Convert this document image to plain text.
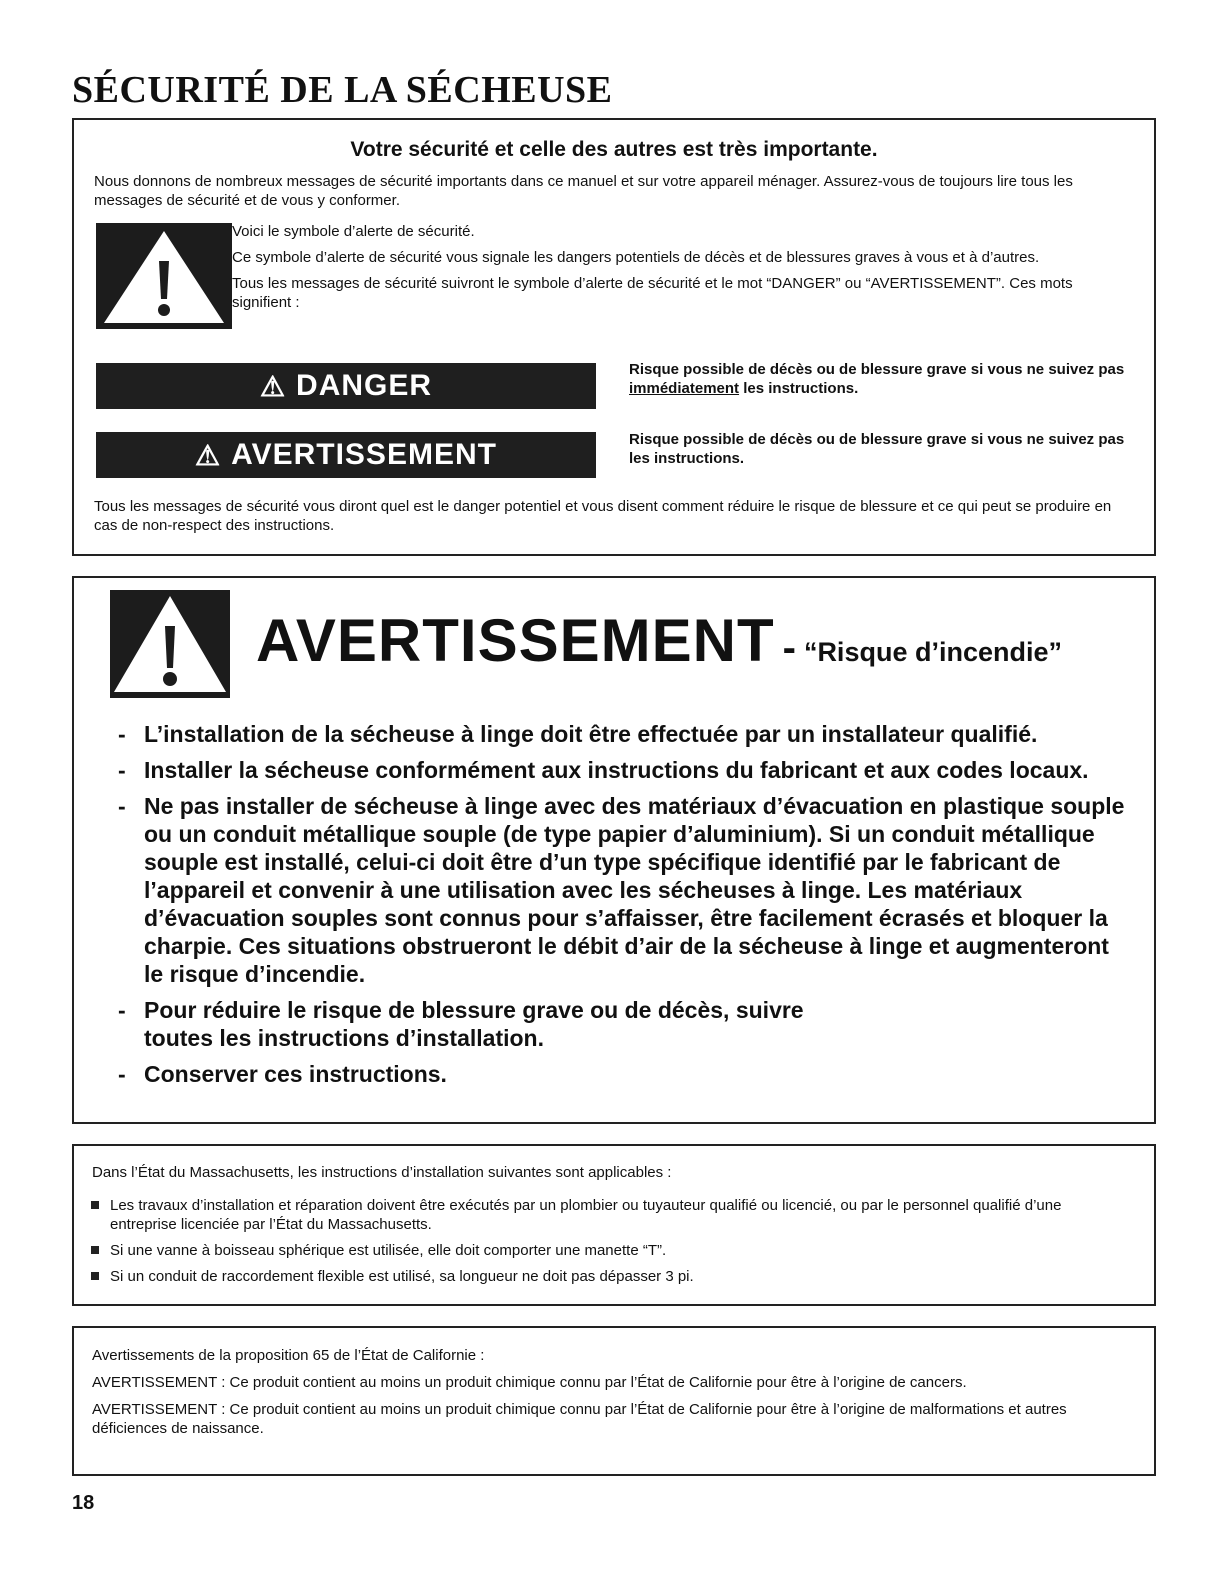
SÉCURITÉ DE LA SÉCHEUSE
Votre sécurité et celle des autres est très importante.
Nous donnons de nombreux messages de sécurité importants dans ce manuel et sur votre appareil ménager. Assurez-vous de toujours lire tous les messages de sécurité et de vous y conformer.

Voici le symbole d’alerte de sécurité.

Ce symbole d’alerte de sécurité vous signale les dangers potentiels de décès et de blessures graves à vous et à d’autres.

Tous les messages de sécurité suivront le symbole d’alerte de sécurité et le mot “DANGER” ou “AVERTISSEMENT”. Ces mots signifient :

⚠ DANGER	Risque possible de décès ou de blessure grave si vous ne suivez pas immédiatement les instructions.
⚠ AVERTISSEMENT	Risque possible de décès ou de blessure grave si vous ne suivez pas les instructions.
Tous les messages de sécurité vous diront quel est le danger potentiel et vous disent comment réduire le risque de blessure et ce qui peut se produire en cas de non-respect des instructions.
AVERTISSEMENT - “Risque d’incendie”
- L’installation de la sécheuse à linge doit être effectuée par un installateur qualifié.
- Installer la sécheuse conformément aux instructions du fabricant et aux codes locaux.
- Ne pas installer de sécheuse à linge avec des matériaux d’évacuation en plastique souple ou un conduit métallique souple (de type papier d’aluminium). Si un conduit métallique souple est installé, celui-ci doit être d’un type spécifique identifié par le fabricant de l’appareil et convenir à une utilisation avec les sécheuses à linge. Les matériaux d’évacuation souples sont connus pour s’affaisser, être facilement écrasés et bloquer la charpie. Ces situations obstrueront le débit d’air de la sécheuse à linge et augmenteront le risque d’incendie.
- Pour réduire le risque de blessure grave ou de décès, suivre toutes les instructions d’installation.
- Conserver ces instructions.
Dans l’État du Massachusetts, les instructions d’installation suivantes sont applicables :
Les travaux d’installation et réparation doivent être exécutés par un plombier ou tuyauteur qualifié ou licencié, ou par le personnel qualifié d’une entreprise licenciée par l’État du Massachusetts.
Si une vanne à boisseau sphérique est utilisée, elle doit comporter une manette “T”.
Si un conduit de raccordement flexible est utilisé, sa longueur ne doit pas dépasser 3 pi.

Avertissements de la proposition 65 de l’État de Californie :

AVERTISSEMENT : Ce produit contient au moins un produit chimique connu par l’État de Californie pour être à l’origine de cancers.

AVERTISSEMENT : Ce produit contient au moins un produit chimique connu par l’État de Californie pour être à l’origine de malformations et autres déficiences de naissance.

18
